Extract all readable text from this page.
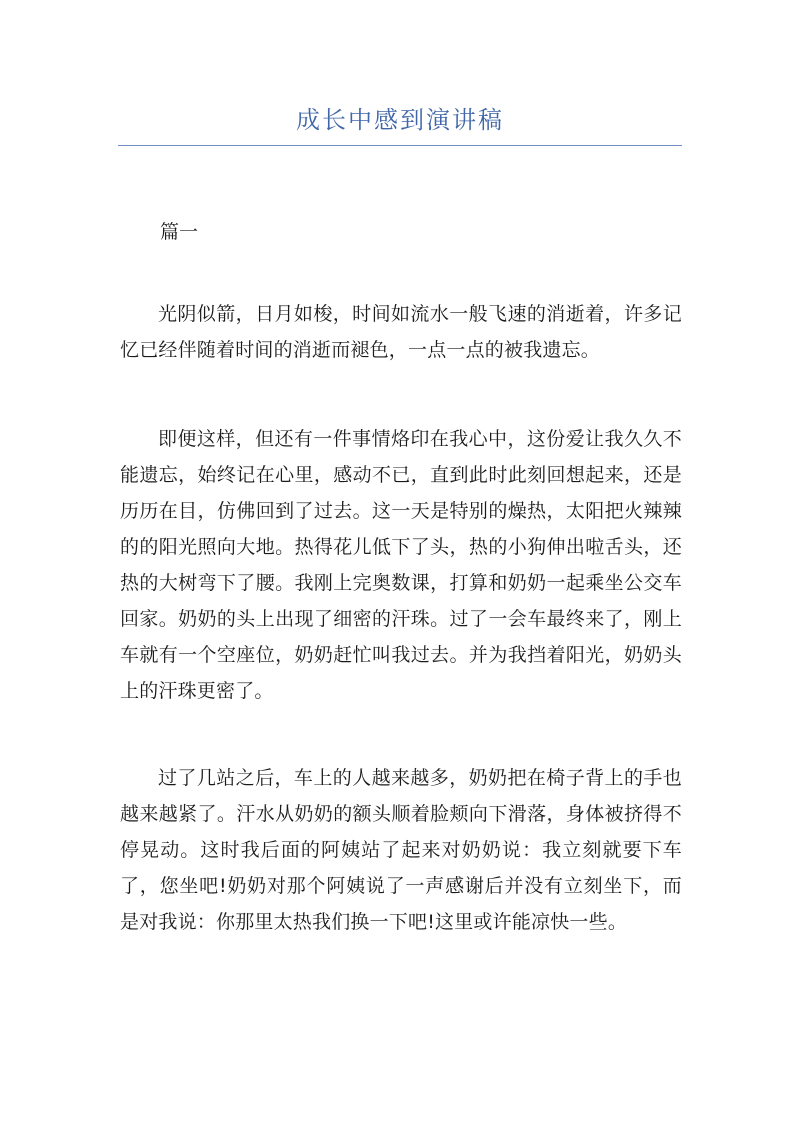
成长中感到演讲稿

篇一

光阴似箭，日月如梭，时间如流水一般飞速的消逝着，许多记忆已经伴随着时间的消逝而褪色，一点一点的被我遗忘。

即便这样，但还有一件事情烙印在我心中，这份爱让我久久不能遗忘，始终记在心里，感动不已，直到此时此刻回想起来，还是历历在目，仿佛回到了过去。这一天是特别的燥热，太阳把火辣辣的的阳光照向大地。热得花儿低下了头，热的小狗伸出啦舌头，还热的大树弯下了腰。我刚上完奥数课，打算和奶奶一起乘坐公交车回家。奶奶的头上出现了细密的汗珠。过了一会车最终来了，刚上车就有一个空座位，奶奶赶忙叫我过去。并为我挡着阳光，奶奶头上的汗珠更密了。

过了几站之后，车上的人越来越多，奶奶把在椅子背上的手也越来越紧了。汗水从奶奶的额头顺着脸颊向下滑落，身体被挤得不停晃动。这时我后面的阿姨站了起来对奶奶说：我立刻就要下车了，您坐吧!奶奶对那个阿姨说了一声感谢后并没有立刻坐下，而是对我说：你那里太热我们换一下吧!这里或许能凉快一些。
